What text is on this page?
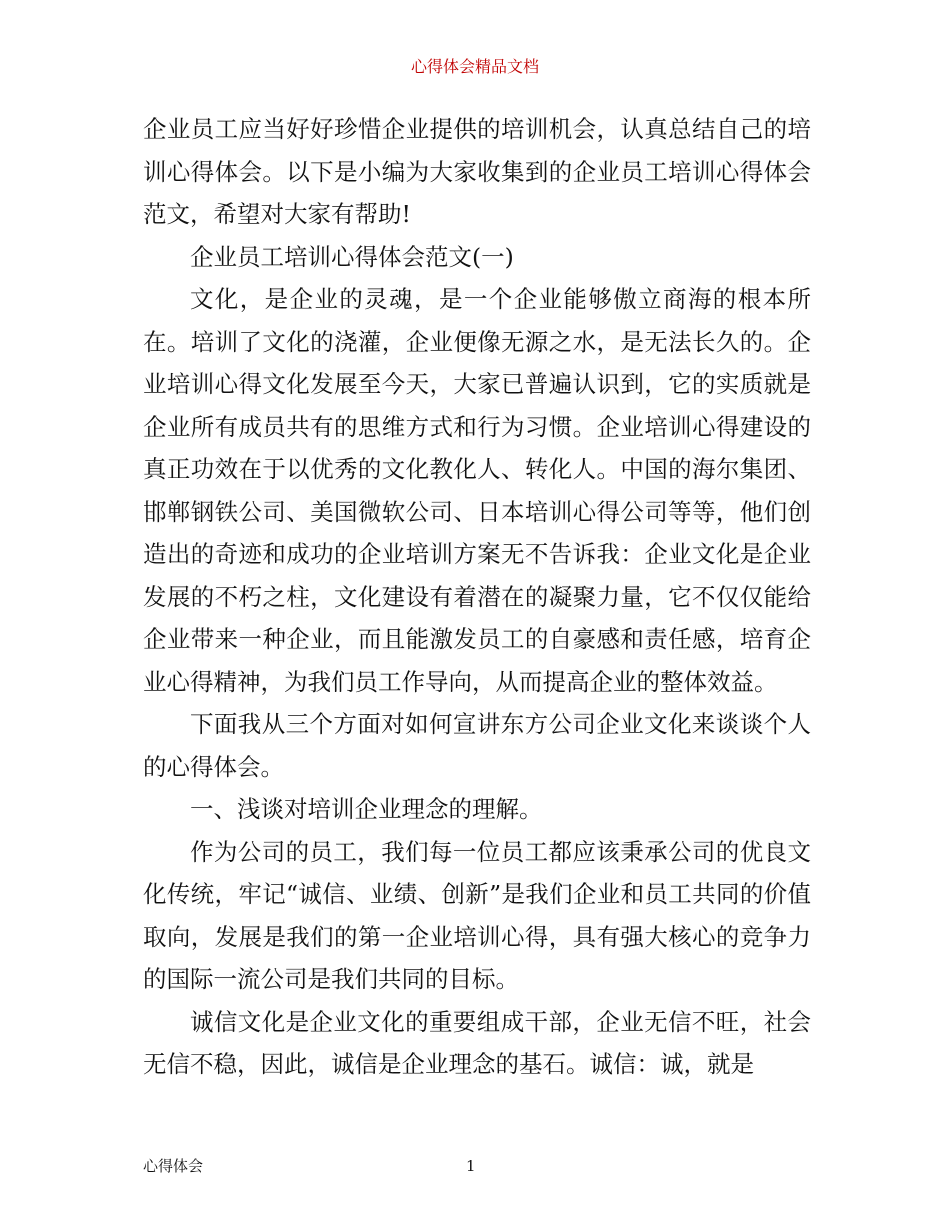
心得体会精品文档

企业员工应当好好珍惜企业提供的培训机会，认真总结自己的培训心得体会。以下是小编为大家收集到的企业员工培训心得体会范文，希望对大家有帮助!

企业员工培训心得体会范文(一)

文化，是企业的灵魂，是一个企业能够傲立商海的根本所在。培训了文化的浇灌，企业便像无源之水，是无法长久的。企业培训心得文化发展至今天，大家已普遍认识到，它的实质就是企业所有成员共有的思维方式和行为习惯。企业培训心得建设的真正功效在于以优秀的文化教化人、转化人。中国的海尔集团、邯郸钢铁公司、美国微软公司、日本培训心得公司等等，他们创造出的奇迹和成功的企业培训方案无不告诉我：企业文化是企业发展的不朽之柱，文化建设有着潜在的凝聚力量，它不仅仅能给企业带来一种企业，而且能激发员工的自豪感和责任感，培育企业心得精神，为我们员工作导向，从而提高企业的整体效益。

下面我从三个方面对如何宣讲东方公司企业文化来谈谈个人的心得体会。

一、浅谈对培训企业理念的理解。

作为公司的员工，我们每一位员工都应该秉承公司的优良文化传统，牢记“诚信、业绩、创新”是我们企业和员工共同的价值取向，发展是我们的第一企业培训心得，具有强大核心的竞争力的国际一流公司是我们共同的目标。

诚信文化是企业文化的重要组成干部，企业无信不旺，社会无信不稳，因此，诚信是企业理念的基石。诚信：诚，就是

心得体会	1
